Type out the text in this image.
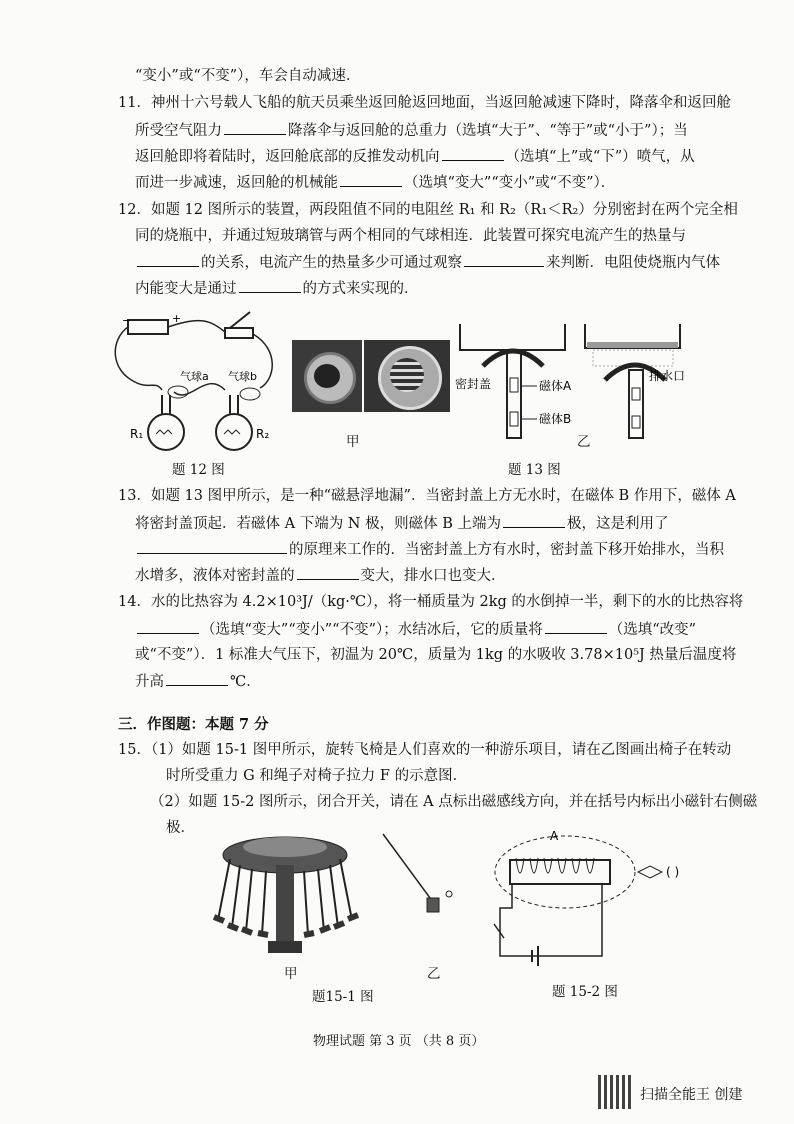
“变小”或“不变”），车会自动减速．
11．神州十六号载人飞船的航天员乘坐返回舱返回地面，当返回舱减速下降时，降落伞和返回舱
所受空气阻力	降落伞与返回舱的总重力（选填“大于”、“等于”或“小于”）；当
返回舱即将着陆时，返回舱底部的反推发动机向	（选填“上”或“下”）喷气，从
而进一步减速，返回舱的机械能	（选填“变大”“变小”或“不变”）．
12．如题 12 图所示的装置，两段阻值不同的电阻丝 R₁ 和 R₂（R₁＜R₂）分别密封在两个完全相
同的烧瓶中，并通过短玻璃管与两个相同的气球相连．此装置可探究电流产生的热量与
的关系，电流产生的热量多少可通过观察	来判断．电阻使烧瓶内气体
内能变大是通过	的方式来实现的．
−	+
气球a 气球b
R₁	R₂
题 12 图
甲
密封盖	磁体A
磁体B
排水口
乙
题 13 图
13．如题 13 图甲所示，是一种“磁悬浮地漏”．当密封盖上方无水时，在磁体 B 作用下，磁体 A
将密封盖顶起．若磁体 A 下端为 N 极，则磁体 B 上端为	极，这是利用了
的原理来工作的．当密封盖上方有水时，密封盖下移开始排水，当积
水增多，液体对密封盖的	变大，排水口也变大．
14．水的比热容为 4.2×10³J/（kg·℃），将一桶质量为 2kg 的水倒掉一半，剩下的水的比热容将
（选填“变大”“变小”“不变”）；水结冰后，它的质量将	（选填“改变”
或“不变”）．1 标准大气压下，初温为 20℃，质量为 1kg 的水吸收 3.78×10⁵J 热量后温度将
升高	℃．
三．作图题：本题 7 分
15．（1）如题 15-1 图甲所示，旋转飞椅是人们喜欢的一种游乐项目，请在乙图画出椅子在转动
时所受重力 G 和绳子对椅子拉力 F 的示意图．
（2）如题 15-2 图所示，闭合开关，请在 A 点标出磁感线方向，并在括号内标出小磁针右侧磁
极．
甲	乙
题15-1 图
A
( )
题 15-2 图
物理试题 第 3 页 （共 8 页）
扫描全能王 创建
